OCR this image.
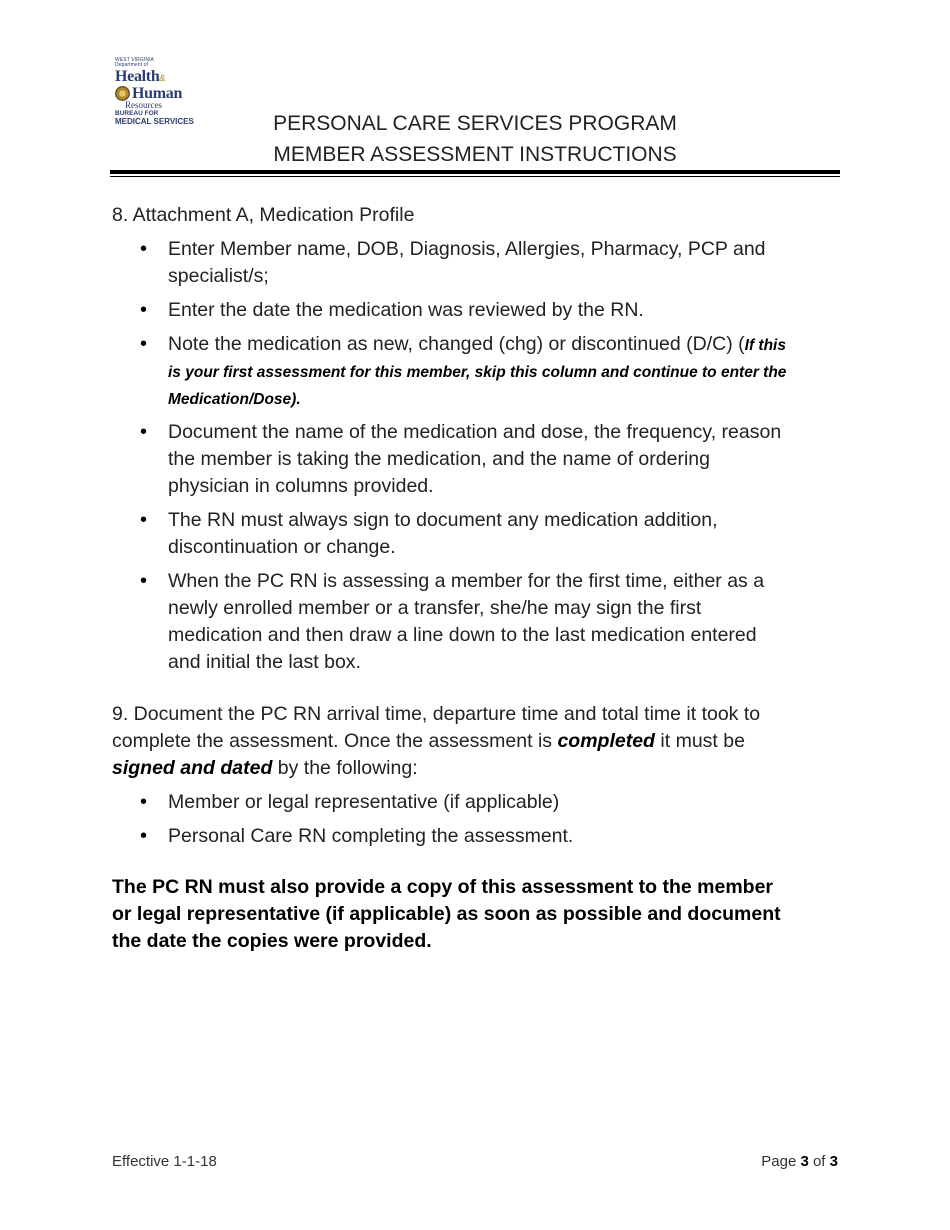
WEST VIRGINIA
Department of
Health&
Human
Resources
BUREAU FOR
MEDICAL SERVICES	PERSONAL CARE SERVICES PROGRAM
MEMBER ASSESSMENT INSTRUCTIONS

8. Attachment A, Medication Profile

• Enter Member name, DOB, Diagnosis, Allergies, Pharmacy, PCP and specialist/s;
• Enter the date the medication was reviewed by the RN.
• Note the medication as new, changed (chg) or discontinued (D/C) (If this is your first assessment for this member, skip this column and continue to enter the Medication/Dose).
• Document the name of the medication and dose, the frequency, reason the member is taking the medication, and the name of ordering physician in columns provided.
• The RN must always sign to document any medication addition, discontinuation or change.
• When the PC RN is assessing a member for the first time, either as a newly enrolled member or a transfer, she/he may sign the first medication and then draw a line down to the last medication entered and initial the last box.

9. Document the PC RN arrival time, departure time and total time it took to complete the assessment. Once the assessment is completed it must be signed and dated by the following:

• Member or legal representative (if applicable)
• Personal Care RN completing the assessment.

The PC RN must also provide a copy of this assessment to the member or legal representative (if applicable) as soon as possible and document the date the copies were provided.

Effective 1-1-18	Page 3 of 3
